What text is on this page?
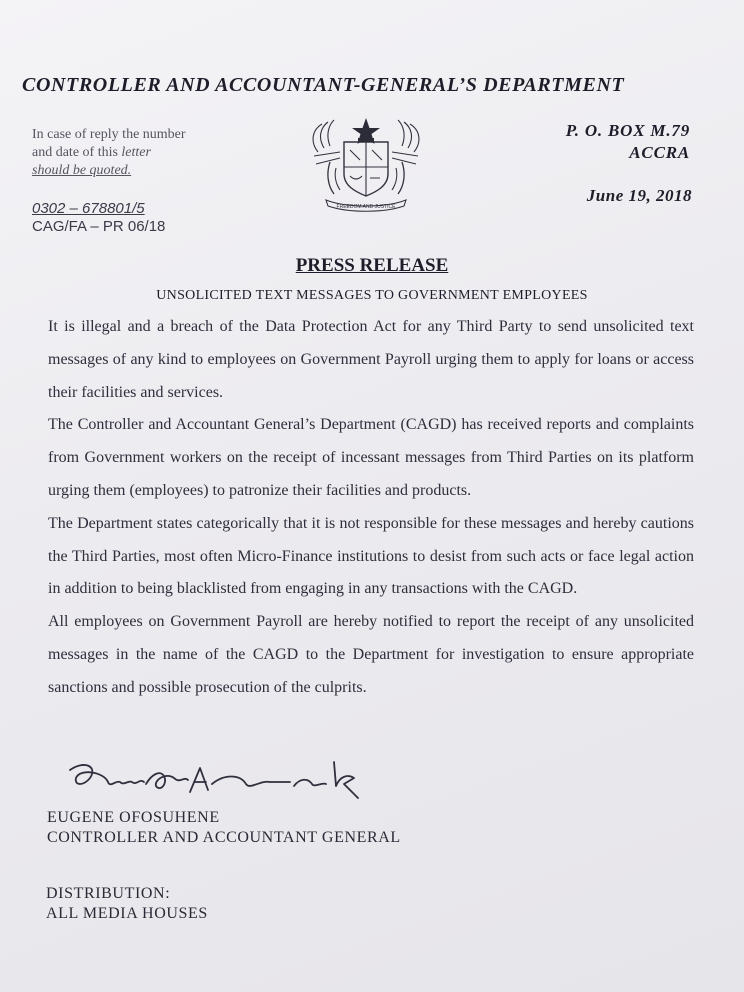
CONTROLLER AND ACCOUNTANT-GENERAL’S DEPARTMENT
In case of reply the number
and date of this letter
should be quoted.
0302 – 678801/5
CAG/FA – PR 06/18
FREEDOM AND JUSTICE
P. O. BOX M.79
ACCRA
June 19, 2018
PRESS RELEASE
UNSOLICITED TEXT MESSAGES TO GOVERNMENT EMPLOYEES

It is illegal and a breach of the Data Protection Act for any Third Party to send unsolicited text messages of any kind to employees on Government Payroll urging them to apply for loans or access their facilities and services.

The Controller and Accountant General’s Department (CAGD) has received reports and complaints from Government workers on the receipt of incessant messages from Third Parties on its platform urging them (employees) to patronize their facilities and products.

The Department states categorically that it is not responsible for these messages and hereby cautions the Third Parties, most often Micro-Finance institutions to desist from such acts or face legal action in addition to being blacklisted from engaging in any transactions with the CAGD.

All employees on Government Payroll are hereby notified to report the receipt of any unsolicited messages in the name of the CAGD to the Department for investigation to ensure appropriate sanctions and possible prosecution of the culprits.

EUGENE OFOSUHENE
CONTROLLER AND ACCOUNTANT GENERAL
DISTRIBUTION:
ALL MEDIA HOUSES
